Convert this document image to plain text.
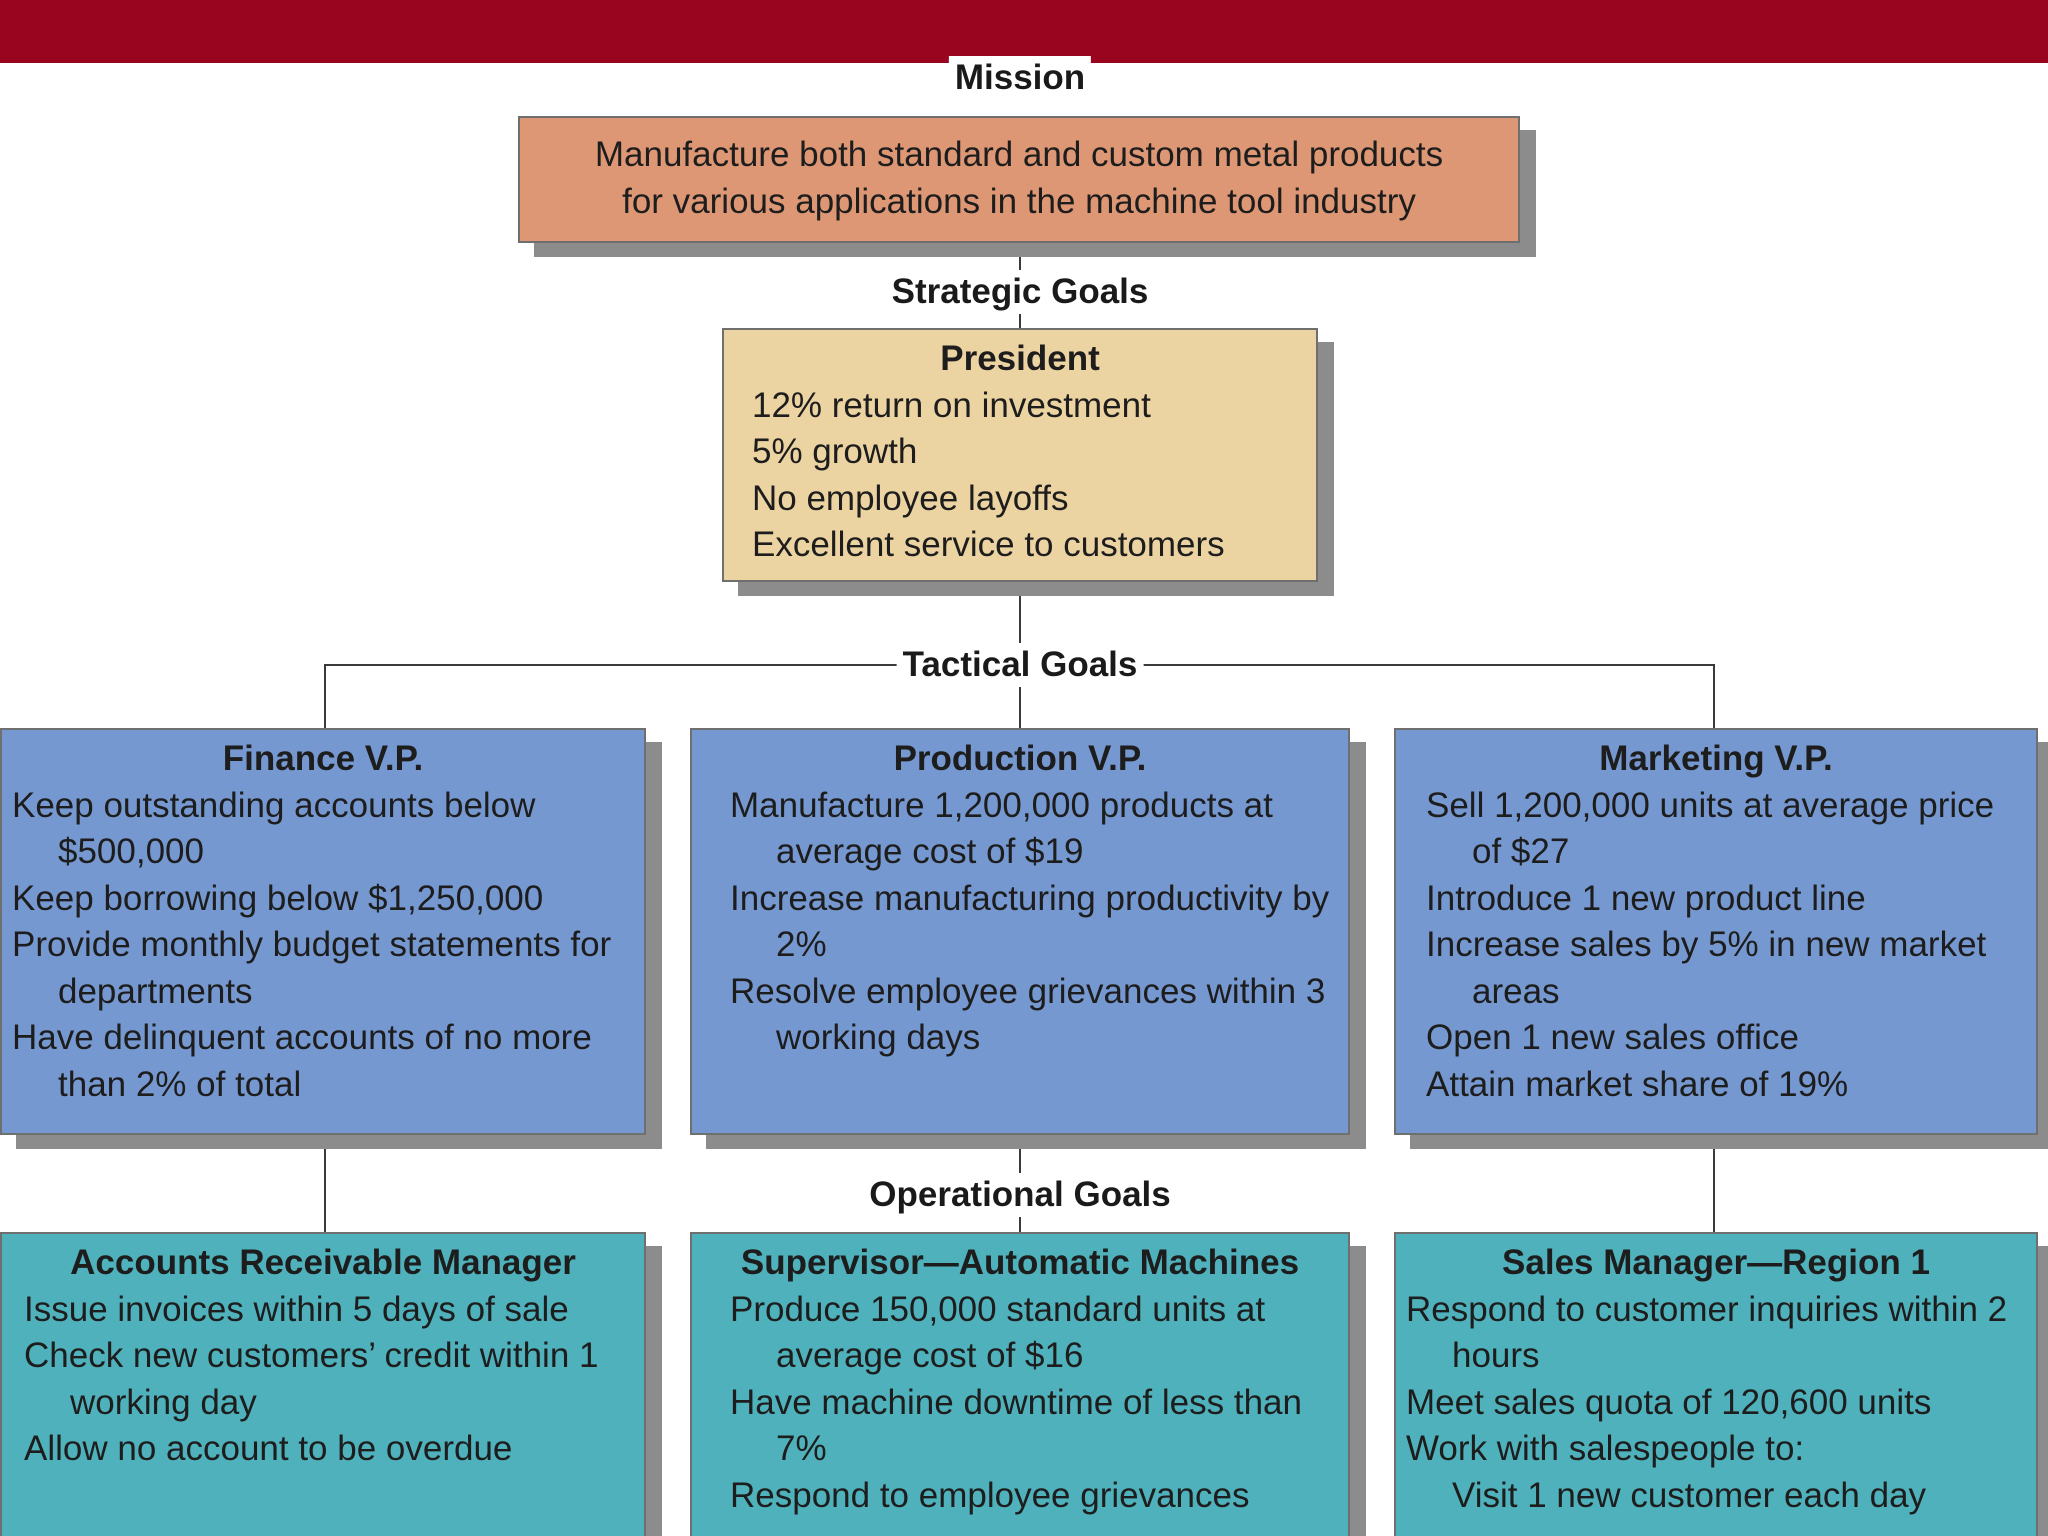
Mission
Strategic Goals
Tactical Goals
Operational Goals
Manufacture both standard and custom metal products
for various applications in the machine tool industry
President
12% return on investment
5% growth
No employee layoffs
Excellent service to customers
Finance V.P.
Keep outstanding accounts below $500,000
Keep borrowing below $1,250,000
Provide monthly budget statements for departments
Have delinquent accounts of no more than 2% of total
Production V.P.
Manufacture 1,200,000 products at average cost of $19
Increase manufacturing productivity by 2%
Resolve employee grievances within 3 working days
Marketing V.P.
Sell 1,200,000 units at average price of $27
Introduce 1 new product line
Increase sales by 5% in new market areas
Open 1 new sales office
Attain market share of 19%
Accounts Receivable Manager
Issue invoices within 5 days of sale
Check new customers’ credit within 1 working day
Allow no account to be overdue
Supervisor—Automatic Machines
Produce 150,000 standard units at average cost of $16
Have machine downtime of less than 7%
Respond to employee grievances
Sales Manager—Region 1
Respond to customer inquiries within 2 hours
Meet sales quota of 120,600 units
Work with salespeople to:
Visit 1 new customer each day
